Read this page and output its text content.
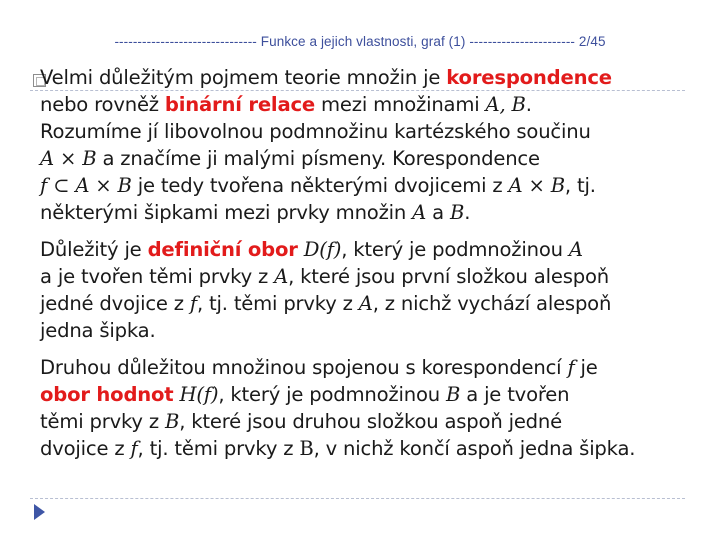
------------------------------- Funkce a jejich vlastnosti, graf (1) ----------------------- 2/45
Velmi důležitým pojmem teorie množin je korespondence
nebo rovněž binární relace mezi množinami A, B.
Rozumíme jí libovolnou podmnožinu kartézského součinu
A × B a značíme ji malými písmeny. Korespondence
f ⊂ A × B je tedy tvořena některými dvojicemi z A × B, tj.
některými šipkami mezi prvky množin A a B.
Důležitý je definiční obor D(f), který je podmnožinou A
a je tvořen těmi prvky z A, které jsou první složkou alespoň
jedné dvojice z f, tj. těmi prvky z A, z nichž vychází alespoň
jedna šipka.
Druhou důležitou množinou spojenou s korespondencí f je
obor hodnot H(f), který je podmnožinou B a je tvořen
těmi prvky z B, které jsou druhou složkou aspoň jedné
dvojice z f, tj. těmi prvky z B, v nichž končí aspoň jedna šipka.
